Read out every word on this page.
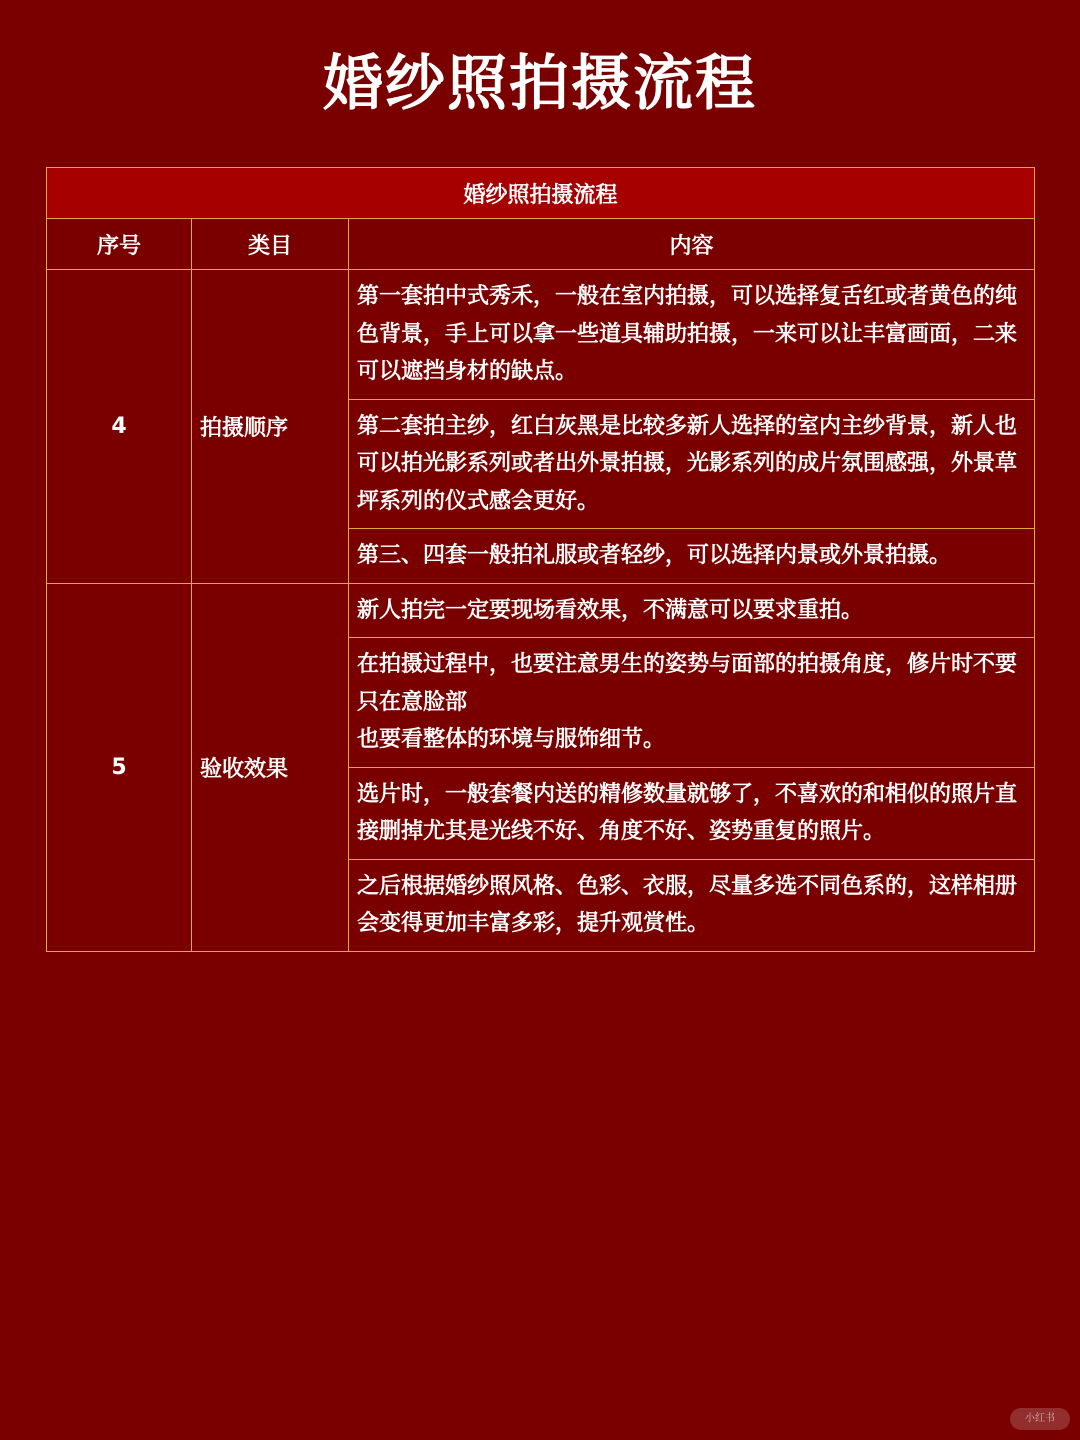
婚纱照拍摄流程
婚纱照拍摄流程		
序号	类目	内容
4	拍摄顺序	第一套拍中式秀禾，一般在室内拍摄，可以选择复舌红或者黄色的纯色背景，手上可以拿一些道具辅助拍摄，一来可以让丰富画面，二来可以遮挡身材的缺点。
		第二套拍主纱，红白灰黑是比较多新人选择的室内主纱背景，新人也可以拍光影系列或者出外景拍摄，光影系列的成片氛围感强，外景草坪系列的仪式感会更好。
		第三、四套一般拍礼服或者轻纱，可以选择内景或外景拍摄。
5	验收效果	新人拍完一定要现场看效果，不满意可以要求重拍。
		在拍摄过程中，也要注意男生的姿势与面部的拍摄角度，修片时不要只在意脸部
也要看整体的环境与服饰细节。
		选片时，一般套餐内送的精修数量就够了，不喜欢的和相似的照片直接删掉尤其是光线不好、角度不好、姿势重复的照片。
		之后根据婚纱照风格、色彩、衣服，尽量多选不同色系的，这样相册会变得更加丰富多彩，提升观赏性。
小红书
